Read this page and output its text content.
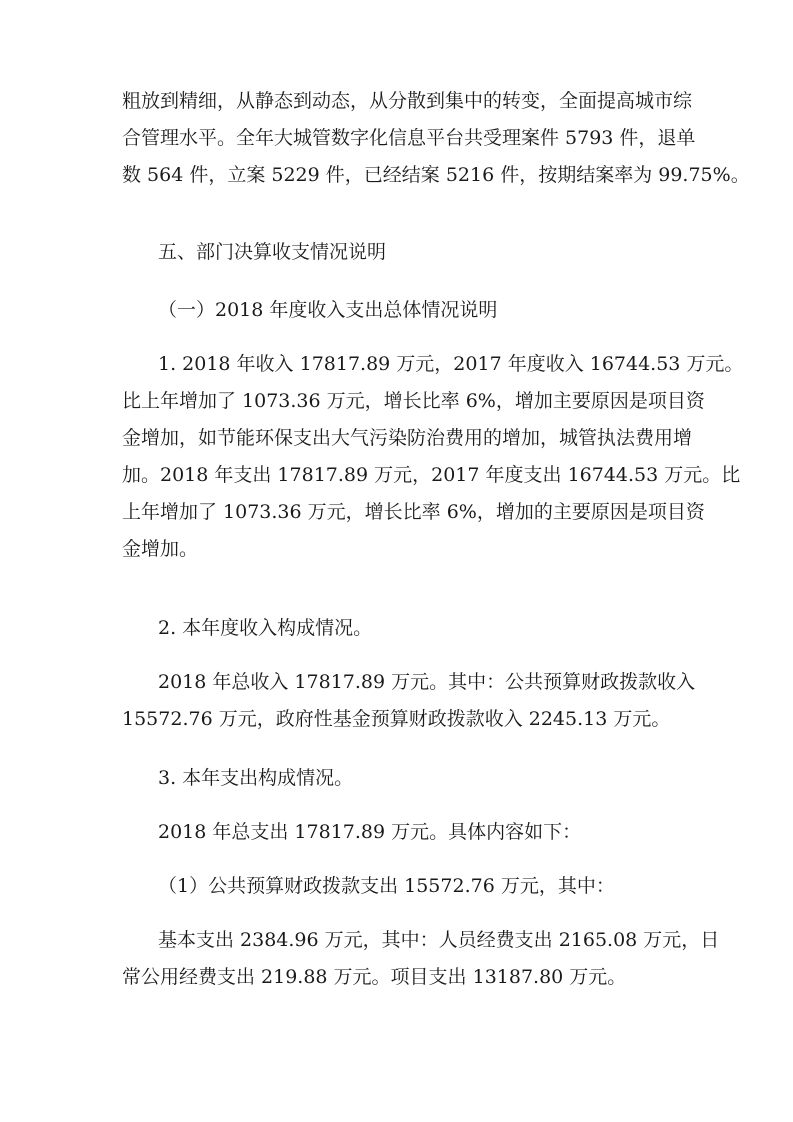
粗放到精细，从静态到动态，从分散到集中的转变，全面提高城市综
合管理水平。全年大城管数字化信息平台共受理案件 5793 件，退单
数 564 件，立案 5229 件，已经结案 5216 件，按期结案率为 99.75%。
五、部门决算收支情况说明
（一）2018 年度收入支出总体情况说明
1. 2018 年收入 17817.89 万元，2017 年度收入 16744.53 万元。
比上年增加了 1073.36 万元，增长比率 6%，增加主要原因是项目资
金增加，如节能环保支出大气污染防治费用的增加，城管执法费用增
加。2018 年支出 17817.89 万元，2017 年度支出 16744.53 万元。比
上年增加了 1073.36 万元，增长比率 6%，增加的主要原因是项目资
金增加。
2. 本年度收入构成情况。
2018 年总收入 17817.89 万元。其中：公共预算财政拨款收入
15572.76 万元，政府性基金预算财政拨款收入 2245.13 万元。
3. 本年支出构成情况。
2018 年总支出 17817.89 万元。具体内容如下：
（1）公共预算财政拨款支出 15572.76 万元，其中：
基本支出 2384.96 万元，其中：人员经费支出 2165.08 万元，日
常公用经费支出 219.88 万元。项目支出 13187.80 万元。
